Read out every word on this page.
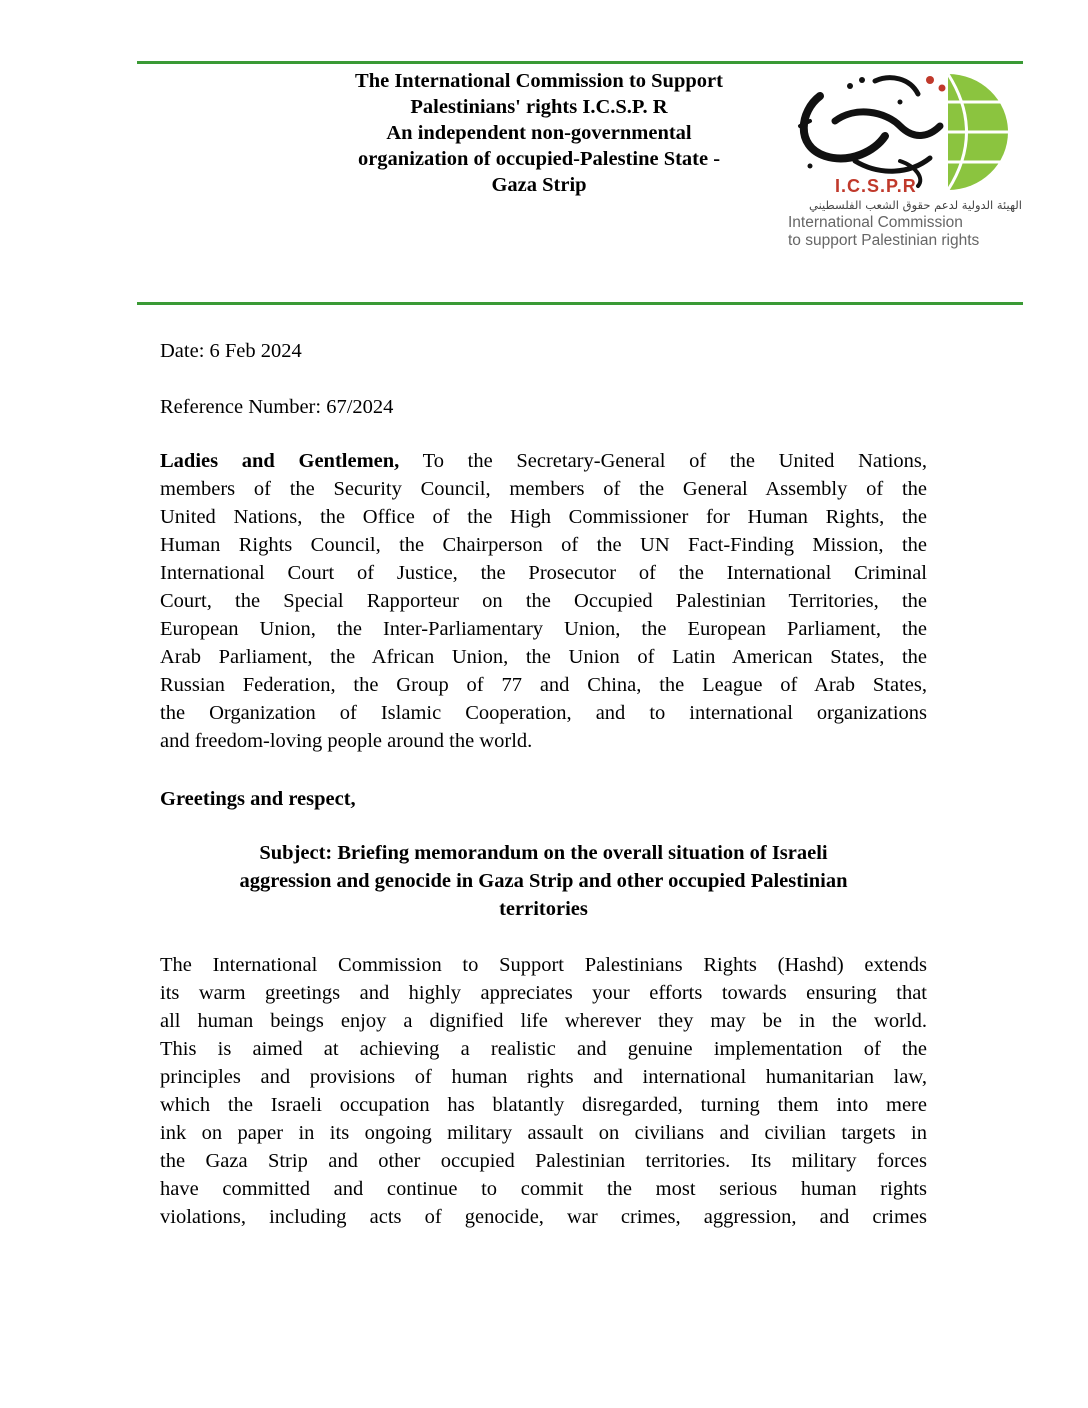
The International Commission to Support
Palestinians' rights I.C.S.P. R
An independent non-governmental
organization of occupied-Palestine State -
Gaza Strip	I.C.S.P.R
الهيئة الدولية لدعم حقوق الشعب الفلسطيني
International Commission
to support Palestinian rights
Date: 6 Feb 2024
Reference Number: 67/2024
Ladies and Gentlemen, To the Secretary-General of the United Nations,
members of the Security Council, members of the General Assembly of the
United Nations, the Office of the High Commissioner for Human Rights, the
Human Rights Council, the Chairperson of the UN Fact-Finding Mission, the
International Court of Justice, the Prosecutor of the International Criminal
Court, the Special Rapporteur on the Occupied Palestinian Territories, the
European Union, the Inter-Parliamentary Union, the European Parliament, the
Arab Parliament, the African Union, the Union of Latin American States, the
Russian Federation, the Group of 77 and China, the League of Arab States,
the Organization of Islamic Cooperation, and to international organizations
and freedom-loving people around the world.
Greetings and respect,
Subject: Briefing memorandum on the overall situation of Israeli
aggression and genocide in Gaza Strip and other occupied Palestinian
territories
The International Commission to Support Palestinians Rights (Hashd) extends
its warm greetings and highly appreciates your efforts towards ensuring that
all human beings enjoy a dignified life wherever they may be in the world.
This is aimed at achieving a realistic and genuine implementation of the
principles and provisions of human rights and international humanitarian law,
which the Israeli occupation has blatantly disregarded, turning them into mere
ink on paper in its ongoing military assault on civilians and civilian targets in
the Gaza Strip and other occupied Palestinian territories. Its military forces
have committed and continue to commit the most serious human rights
violations, including acts of genocide, war crimes, aggression, and crimes
